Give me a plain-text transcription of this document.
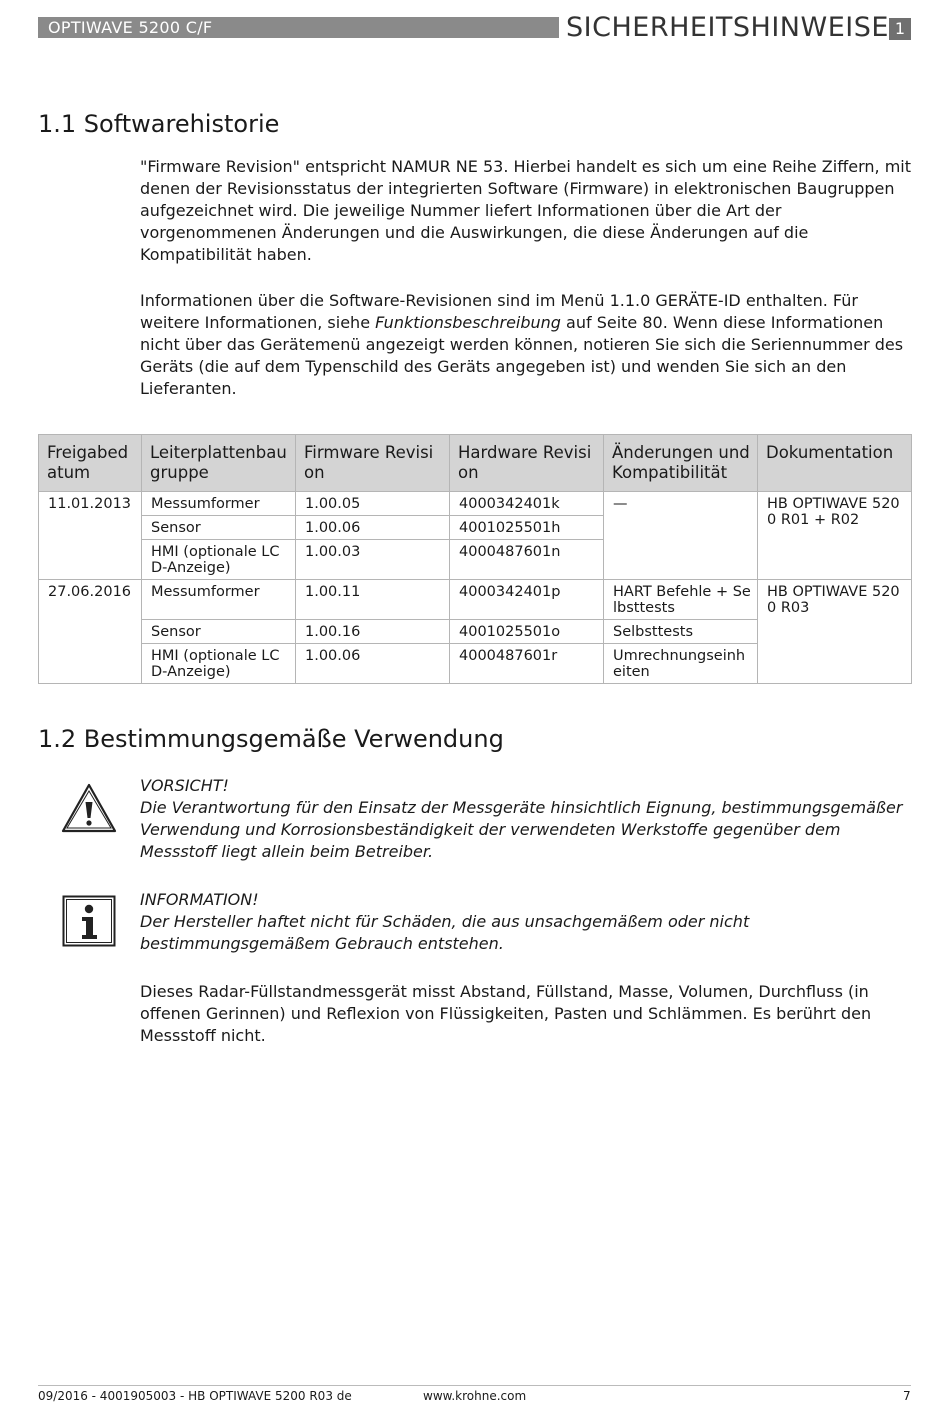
OPTIWAVE 5200 C/F	SICHERHEITSHINWEISE 1
1.1 Softwarehistorie

"Firmware Revision" entspricht NAMUR NE 53. Hierbei handelt es sich um eine Reihe Ziffern, mit denen der Revisionsstatus der integrierten Software (Firmware) in elektronischen Baugruppen aufgezeichnet wird. Die jeweilige Nummer liefert Informationen über die Art der vorgenommenen Änderungen und die Auswirkungen, die diese Änderungen auf die Kompatibilität haben.

Informationen über die Software-Revisionen sind im Menü 1.1.0 GERÄTE-ID enthalten. Für weitere Informationen, siehe Funktionsbeschreibung auf Seite 80. Wenn diese Informationen nicht über das Gerätemenü angezeigt werden können, notieren Sie sich die Seriennummer des Geräts (die auf dem Typenschild des Geräts angegeben ist) und wenden Sie sich an den Lieferanten.

Freigabedatum	Leiterplattenbaugruppe	Firmware Revision	Hardware Revision	Änderungen und Kompatibilität	Dokumentation
11.01.2013	Messumformer	1.00.05	4000342401k	—	HB OPTIWAVE 5200 R01 + R02
	Sensor	1.00.06	4001025501h		
	HMI (optionale LCD-Anzeige)	1.00.03	4000487601n		
27.06.2016	Messumformer	1.00.11	4000342401p	HART Befehle + Selbsttests	HB OPTIWAVE 5200 R03
	Sensor	1.00.16	4001025501o	Selbsttests	
	HMI (optionale LCD-Anzeige)	1.00.06	4000487601r	Umrechnungseinheiten	
1.2 Bestimmungsgemäße Verwendung
VORSICHT!
Die Verantwortung für den Einsatz der Messgeräte hinsichtlich Eignung, bestimmungsgemäßer Verwendung und Korrosionsbeständigkeit der verwendeten Werkstoffe gegenüber dem Messstoff liegt allein beim Betreiber.
INFORMATION!
Der Hersteller haftet nicht für Schäden, die aus unsachgemäßem oder nicht bestimmungsgemäßem Gebrauch entstehen.

Dieses Radar-Füllstandmessgerät misst Abstand, Füllstand, Masse, Volumen, Durchfluss (in offenen Gerinnen) und Reflexion von Flüssigkeiten, Pasten und Schlämmen. Es berührt den Messstoff nicht.

09/2016 - 4001905003 - HB OPTIWAVE 5200 R03 de	www.krohne.com	7
